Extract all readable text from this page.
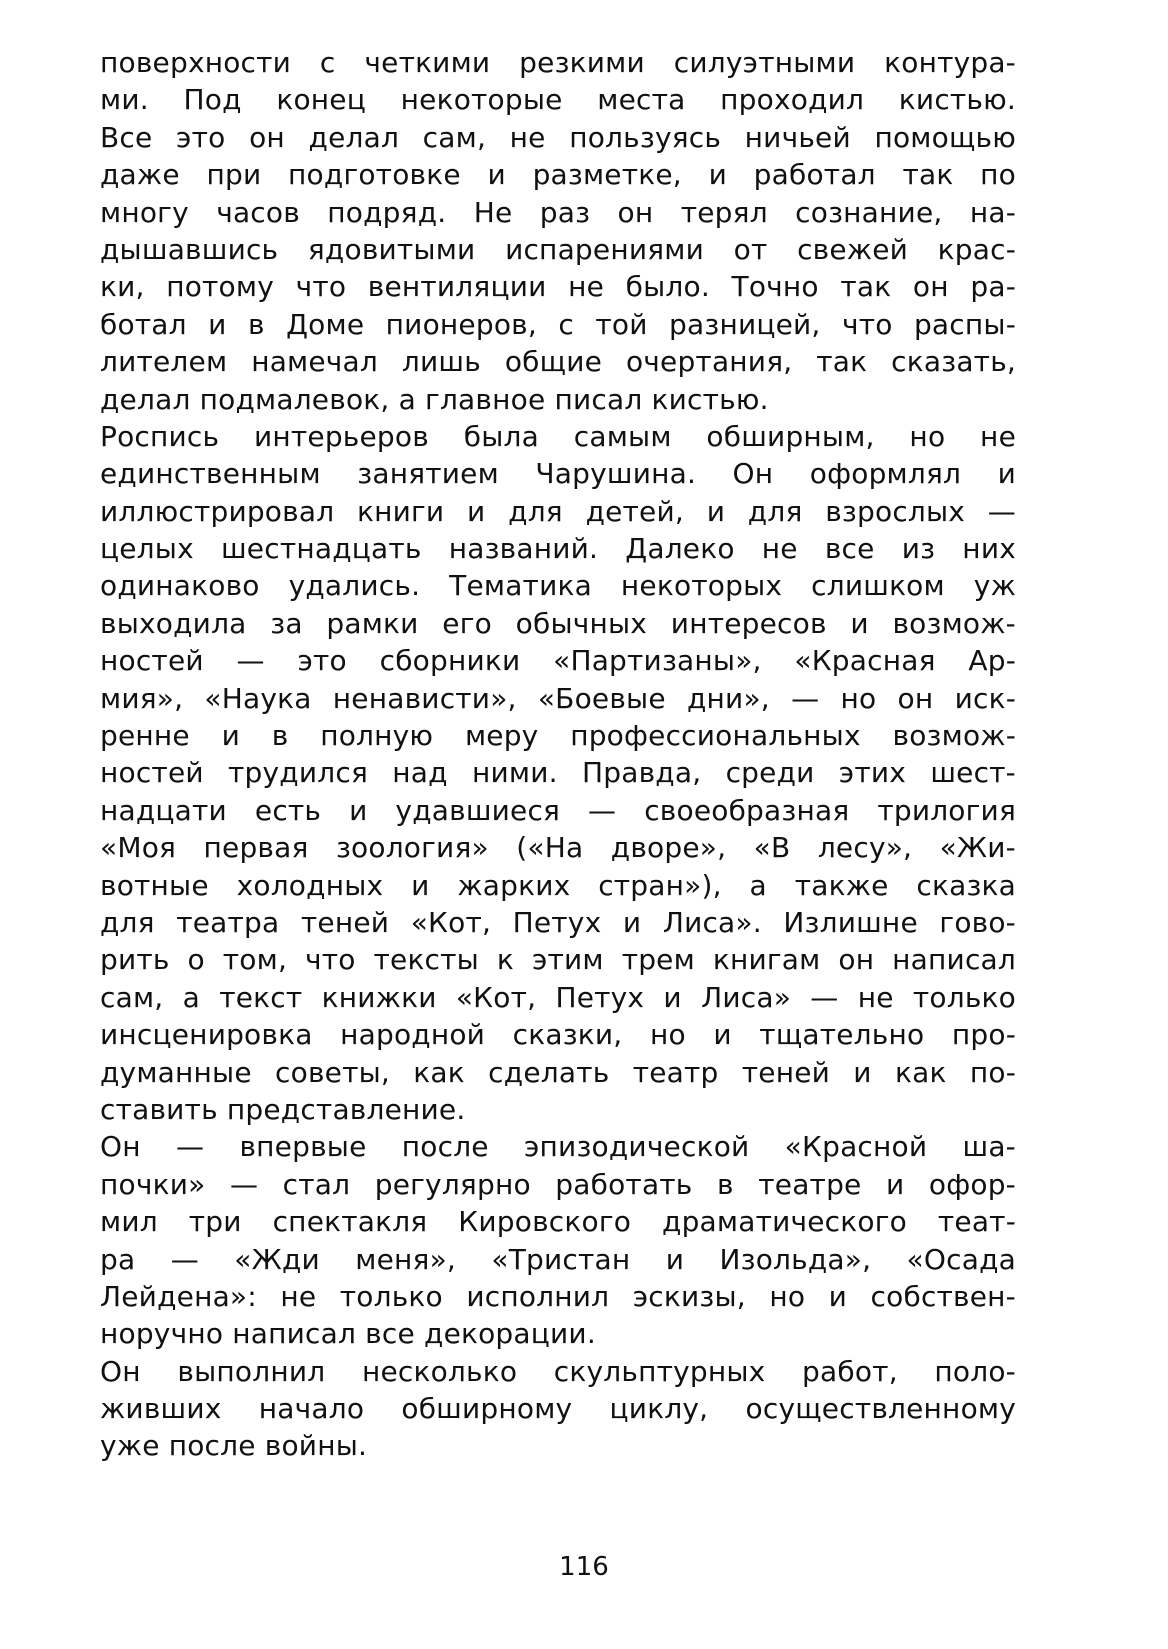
поверхности с четкими резкими силуэтными контура-
ми. Под конец некоторые места проходил кистью.
Все это он делал сам, не пользуясь ничьей помощью
даже при подготовке и разметке, и работал так по
многу часов подряд. Не раз он терял сознание, на-
дышавшись ядовитыми испарениями от свежей крас-
ки, потому что вентиляции не было. Точно так он ра-
ботал и в Доме пионеров, с той разницей, что распы-
лителем намечал лишь общие очертания, так сказать,
делал подмалевок, а главное писал кистью.
Роспись интерьеров была самым обширным, но не
единственным занятием Чарушина. Он оформлял и
иллюстрировал книги и для детей, и для взрослых —
целых шестнадцать названий. Далеко не все из них
одинаково удались. Тематика некоторых слишком уж
выходила за рамки его обычных интересов и возмож-
ностей — это сборники «Партизаны», «Красная Ар-
мия», «Наука ненависти», «Боевые дни», — но он иск-
ренне и в полную меру профессиональных возмож-
ностей трудился над ними. Правда, среди этих шест-
надцати есть и удавшиеся — своеобразная трилогия
«Моя первая зоология» («На дворе», «В лесу», «Жи-
вотные холодных и жарких стран»), а также сказка
для театра теней «Кот, Петух и Лиса». Излишне гово-
рить о том, что тексты к этим трем книгам он написал
сам, а текст книжки «Кот, Петух и Лиса» — не только
инсценировка народной сказки, но и тщательно про-
думанные советы, как сделать театр теней и как по-
ставить представление.
Он — впервые после эпизодической «Красной ша-
почки» — стал регулярно работать в театре и офор-
мил три спектакля Кировского драматического теат-
ра — «Жди меня», «Тристан и Изольда», «Осада
Лейдена»: не только исполнил эскизы, но и собствен-
норучно написал все декорации.
Он выполнил несколько скульптурных работ, поло-
живших начало обширному циклу, осуществленному
уже после войны.
116
